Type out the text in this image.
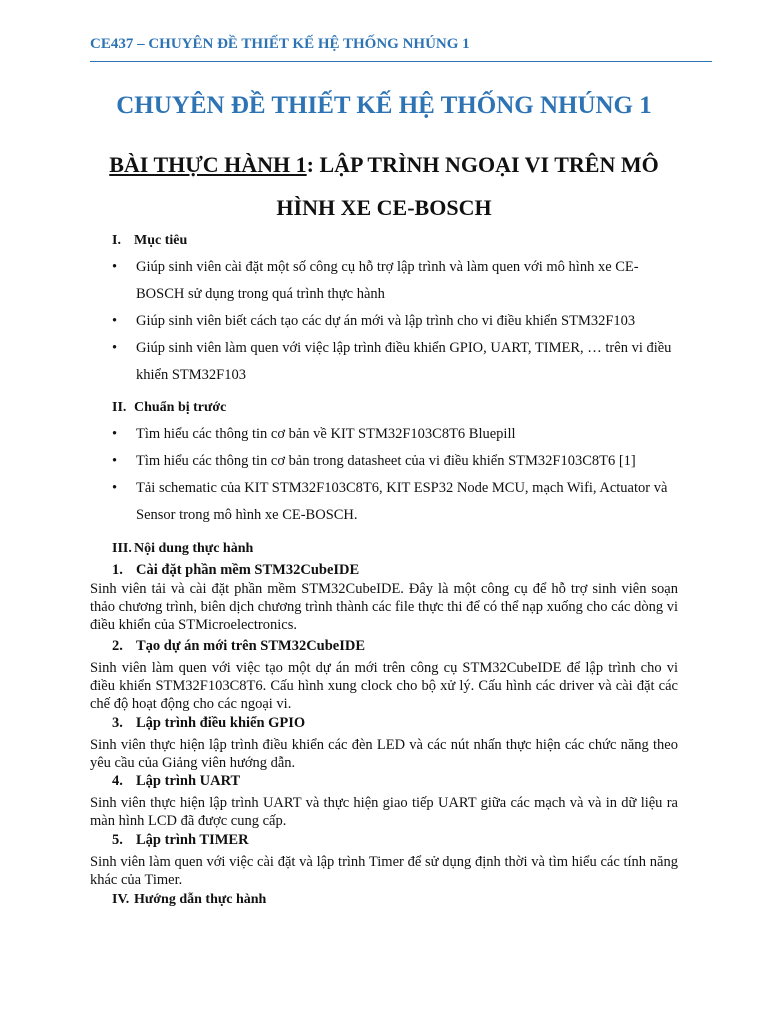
CE437 – CHUYÊN ĐỀ THIẾT KẾ HỆ THỐNG NHÚNG 1
CHUYÊN ĐỀ THIẾT KẾ HỆ THỐNG NHÚNG 1
BÀI THỰC HÀNH 1: LẬP TRÌNH NGOẠI VI TRÊN MÔ HÌNH XE CE-BOSCH
I. Mục tiêu
•	Giúp sinh viên cài đặt một số công cụ hỗ trợ lập trình và làm quen với mô hình xe CE-BOSCH sử dụng trong quá trình thực hành
•	Giúp sinh viên biết cách tạo các dự án mới và lập trình cho vi điều khiển STM32F103
•	Giúp sinh viên làm quen với việc lập trình điều khiển GPIO, UART, TIMER, … trên vi điều khiển STM32F103
II. Chuẩn bị trước
•	Tìm hiểu các thông tin cơ bản về KIT STM32F103C8T6 Bluepill
•	Tìm hiểu các thông tin cơ bản trong datasheet của vi điều khiển STM32F103C8T6 [1]
•	Tải schematic của KIT STM32F103C8T6, KIT ESP32 Node MCU, mạch Wifi, Actuator và Sensor trong mô hình xe CE-BOSCH.
III. Nội dung thực hành
1. Cài đặt phần mềm STM32CubeIDE
Sinh viên tải và cài đặt phần mềm STM32CubeIDE. Đây là một công cụ để hỗ trợ sinh viên soạn thảo chương trình, biên dịch chương trình thành các file thực thi để có thể nạp xuống cho các dòng vi điều khiển của STMicroelectronics.
2. Tạo dự án mới trên STM32CubeIDE
Sinh viên làm quen với việc tạo một dự án mới trên công cụ STM32CubeIDE để lập trình cho vi điều khiển STM32F103C8T6. Cấu hình xung clock cho bộ xử lý. Cấu hình các driver và cài đặt các chế độ hoạt động cho các ngoại vi.
3. Lập trình điều khiển GPIO
Sinh viên thực hiện lập trình điều khiển các đèn LED và các nút nhấn thực hiện các chức năng theo yêu cầu của Giảng viên hướng dẫn.
4. Lập trình UART
Sinh viên thực hiện lập trình UART và thực hiện giao tiếp UART giữa các mạch và và in dữ liệu ra màn hình LCD đã được cung cấp.
5. Lập trình TIMER
Sinh viên làm quen với việc cài đặt và lập trình Timer để sử dụng định thời và tìm hiểu các tính năng khác của Timer.
IV. Hướng dẫn thực hành
